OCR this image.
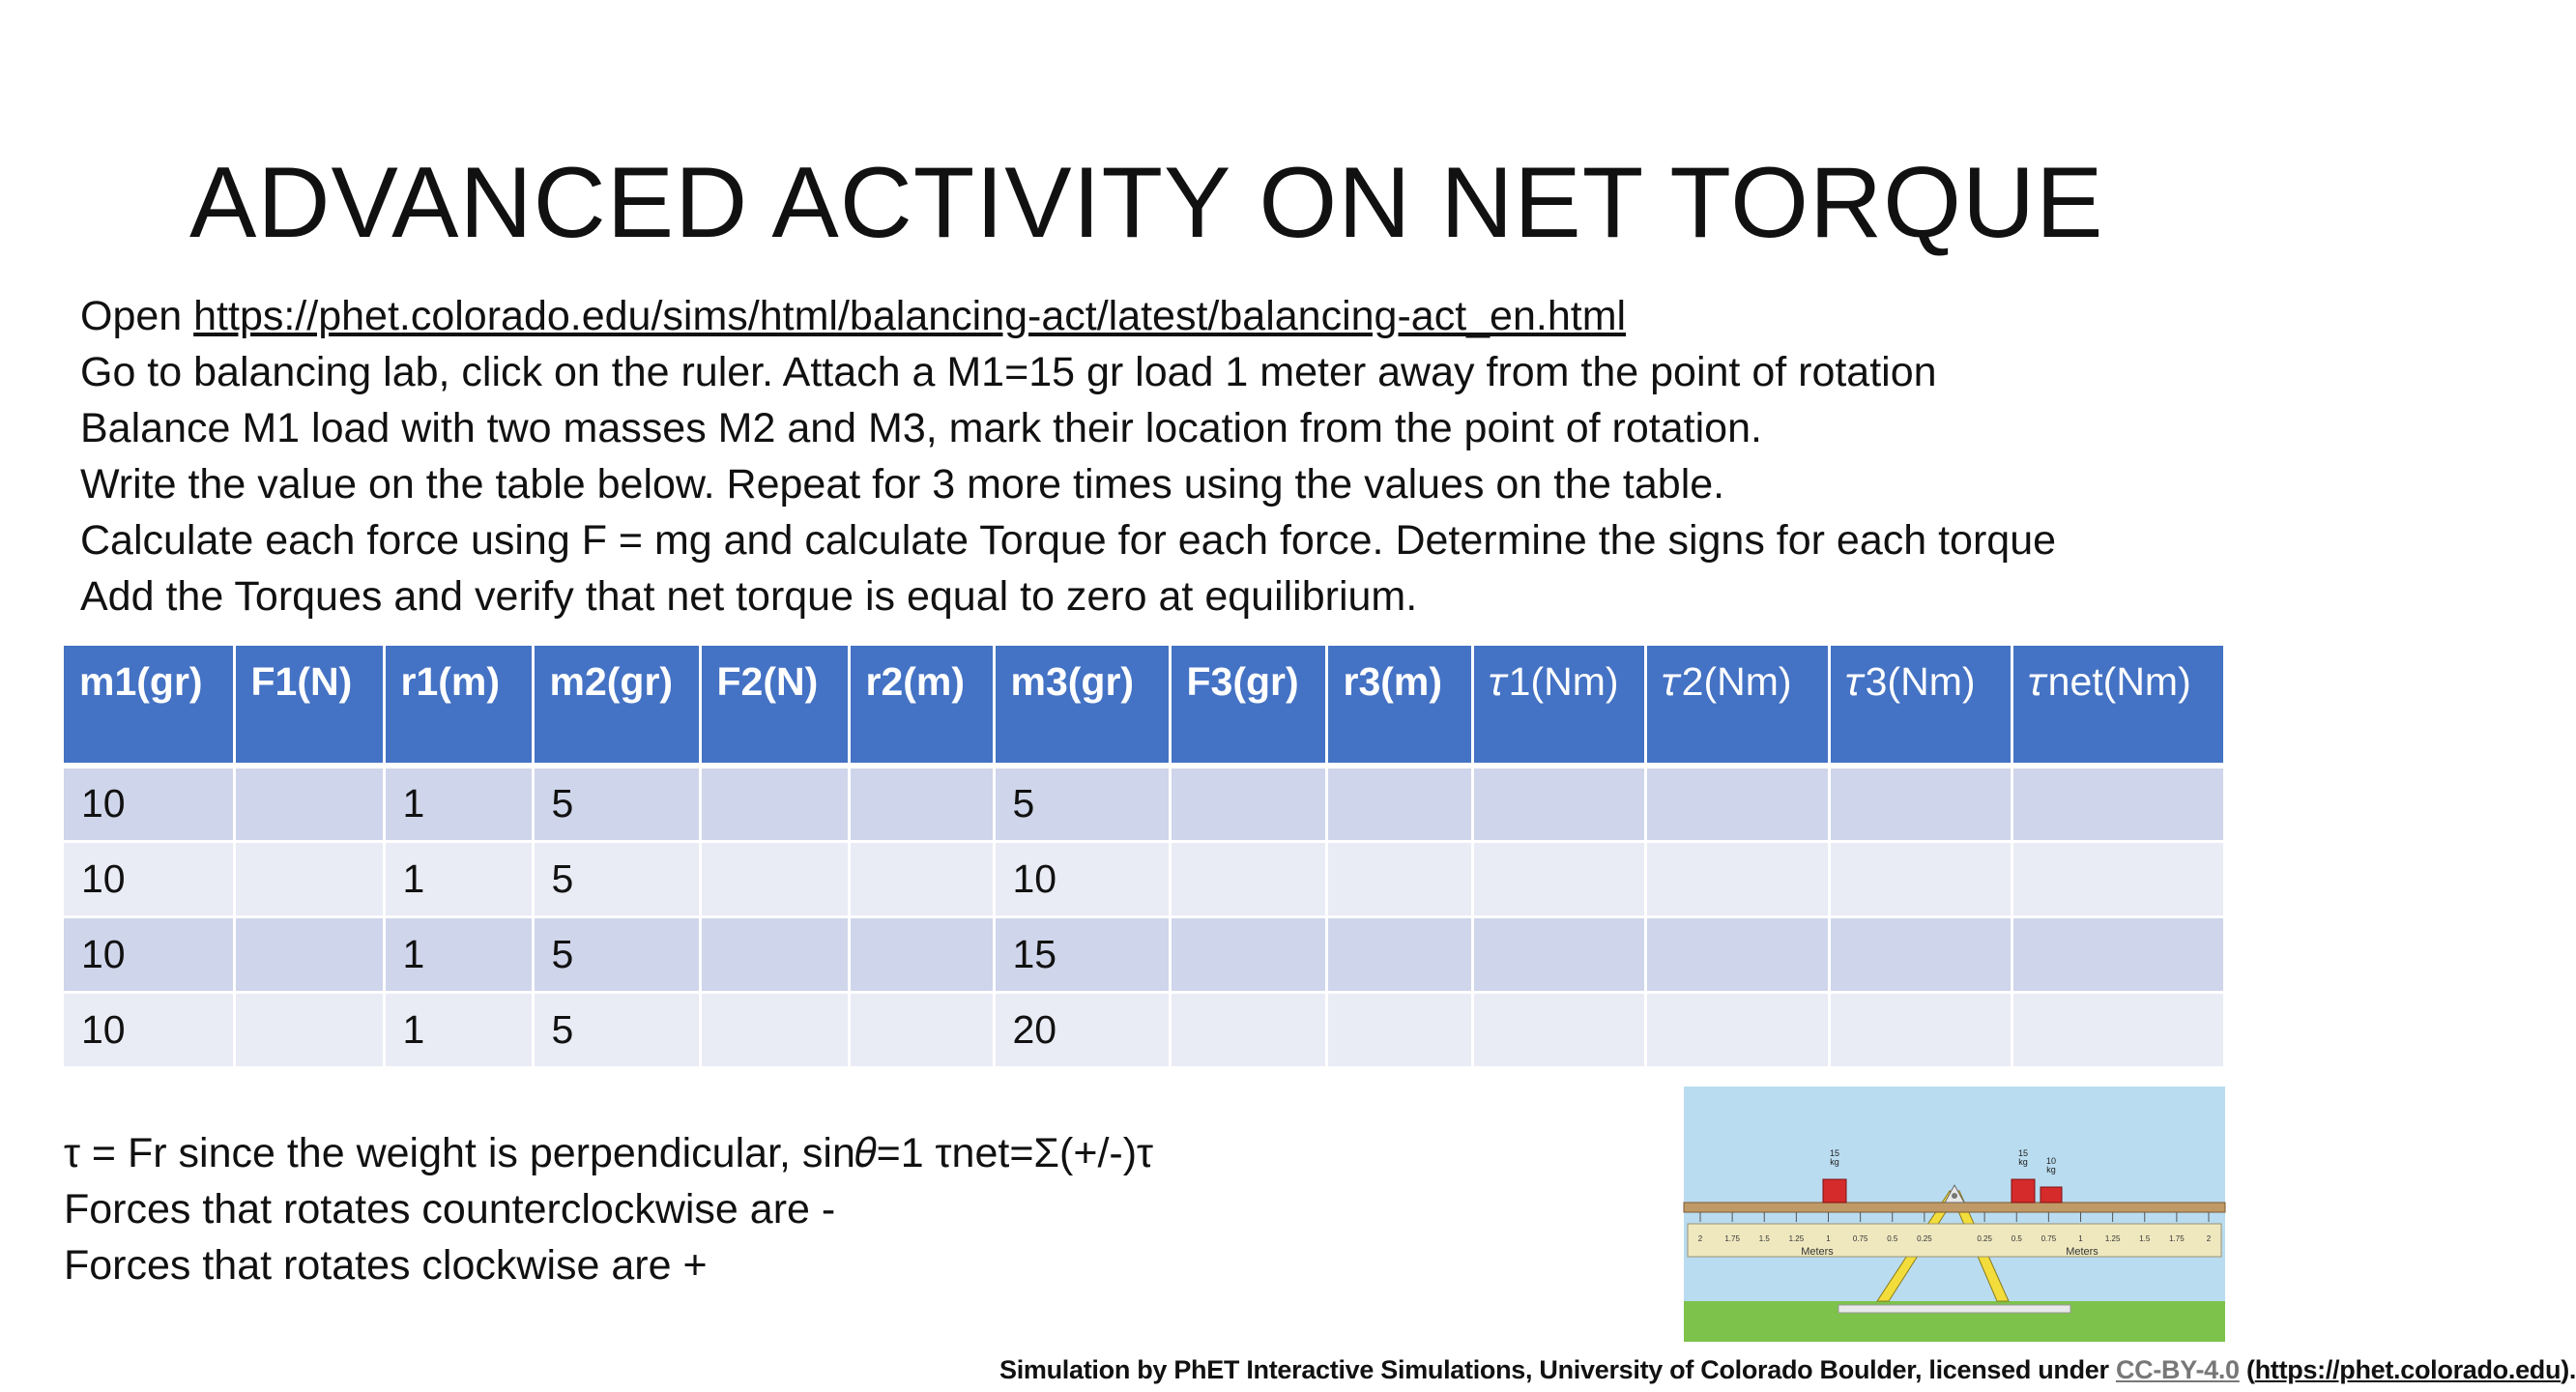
ADVANCED ACTIVITY ON NET TORQUE
Open https://phet.colorado.edu/sims/html/balancing-act/latest/balancing-act_en.html
Go to balancing lab, click on the ruler. Attach a M1=15 gr load 1 meter away from the point of rotation
Balance M1 load with two masses M2 and M3, mark their location from the point of rotation.
Write the value on the table below. Repeat for 3 more times using the values on the table.
Calculate each force using F = mg and calculate Torque for each force. Determine the signs for each torque
Add the Torques and verify that net torque is equal to zero at equilibrium.
m1(gr)	F1(N)	r1(m)	m2(gr)	F2(N)	r2(m)	m3(gr)	F3(gr)	r3(m)	𝜏1(Nm)	𝜏2(Nm)	𝜏3(Nm)	𝜏net(Nm)
10		1	5			5						
10		1	5			10						
10		1	5			15						
10		1	5			20						
τ = Fr since the weight is perpendicular, sin𝜃=1 τnet=Σ(+/-)τ
Forces that rotates counterclockwise are -
Forces that rotates clockwise are +
15 kg
15 kg 10 kg
2	1.75 1.5 1.25	1	0.75 0.5 0.25	0.25 0.5 0.75	1	1.25 1.5 1.75	2
Meters	Meters
Simulation by PhET Interactive Simulations, University of Colorado Boulder, licensed under CC-BY-4.0 (https://phet.colorado.edu).
